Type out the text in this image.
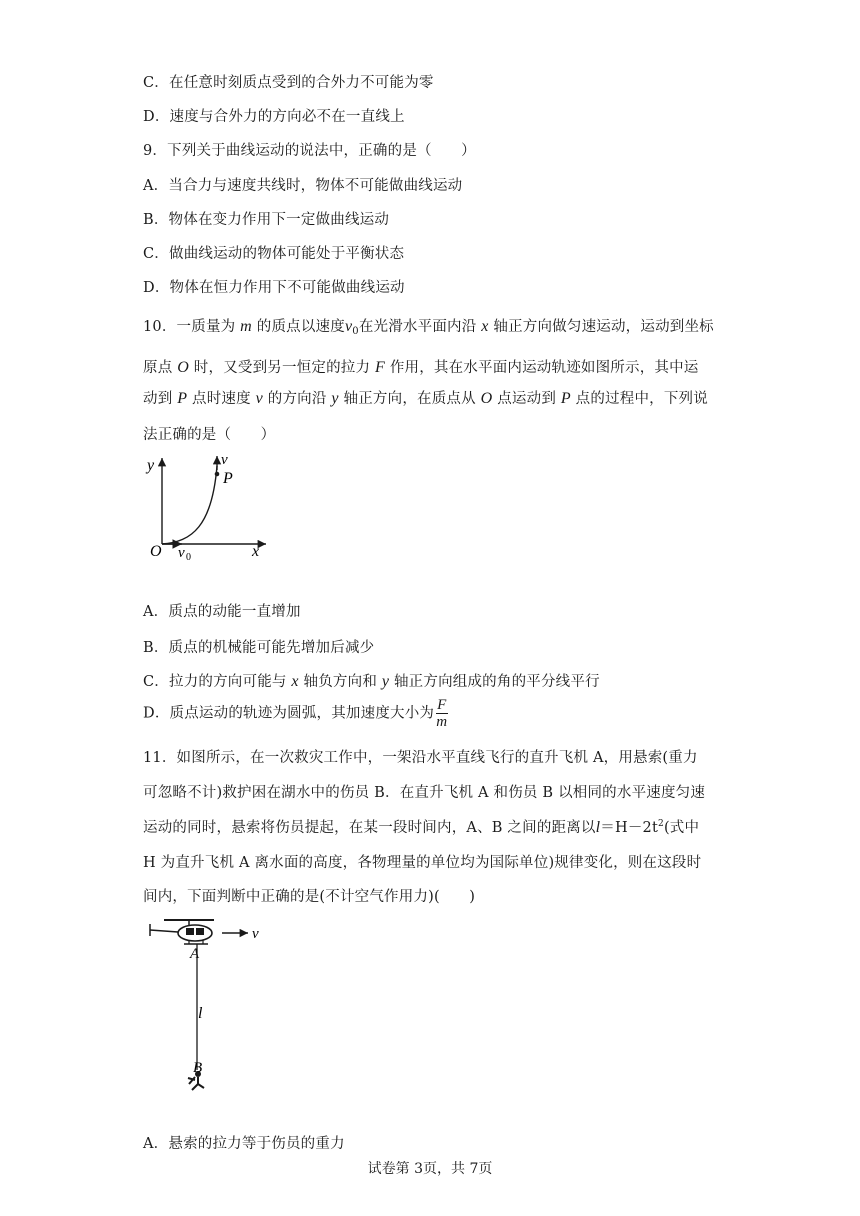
C．在任意时刻质点受到的合外力不可能为零
D．速度与合外力的方向必不在一直线上
9．下列关于曲线运动的说法中，正确的是（　　）
A．当合力与速度共线时，物体不可能做曲线运动
B．物体在变力作用下一定做曲线运动
C．做曲线运动的物体可能处于平衡状态
D．物体在恒力作用下不可能做曲线运动
10．一质量为 m 的质点以速度$v_0$在光滑水平面内沿 x 轴正方向做匀速运动，运动到坐标
原点 O 时，又受到另一恒定的拉力 F 作用，其在水平面内运动轨迹如图所示，其中运
动到 P 点时速度 v 的方向沿 y 轴正方向，在质点从 O 点运动到 P 点的过程中，下列说
法正确的是（　　）
y	v
P
O v 0	x
A．质点的动能一直增加
B．质点的机械能可能先增加后减少
C．拉力的方向可能与 x 轴负方向和 y 轴正方向组成的角的平分线平行
D．质点运动的轨迹为圆弧，其加速度大小为 $\frac{F}{m}$
11．如图所示，在一次救灾工作中，一架沿水平直线飞行的直升飞机 A，用悬索(重力
可忽略不计)救护困在湖水中的伤员 B．在直升飞机 A 和伤员 B 以相同的水平速度匀速
运动的同时，悬索将伤员提起，在某一段时间内，A、B 之间的距离以$l=H-2t^2$(式中
H 为直升飞机 A 离水面的高度，各物理量的单位均为国际单位)规律变化，则在这段时
间内，下面判断中正确的是(不计空气作用力)(　　)
v
A
l
B
A．悬索的拉力等于伤员的重力
试卷第 3页，共 7页
